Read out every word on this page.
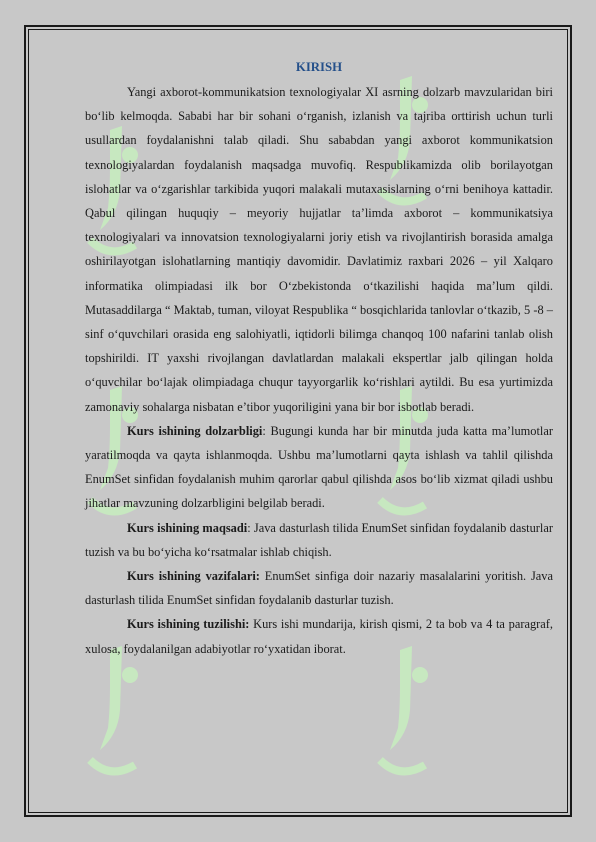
KIRISH

Yangi axborot-kommunikatsion texnologiyalar XI asrning dolzarb mavzularidan biri bo‘lib kelmoqda. Sababi har bir sohani o‘rganish, izlanish va tajriba orttirish uchun turli usullardan foydalanishni talab qiladi. Shu sababdan yangi axborot kommunikatsion texnologiyalardan foydalanish maqsadga muvofiq. Respublikamizda olib borilayotgan islohatlar va o‘zgarishlar tarkibida yuqori malakali mutaxasislarning o‘rni benihoya kattadir. Qabul qilingan huquqiy – meyoriy hujjatlar ta’limda axborot – kommunikatsiya texnologiyalari va innovatsion texnologiyalarni joriy etish va rivojlantirish borasida amalga oshirilayotgan islohatlarning mantiqiy davomidir. Davlatimiz raxbari 2026 – yil Xalqaro informatika olimpiadasi ilk bor O‘zbekistonda o‘tkazilishi haqida ma’lum qildi. Mutasaddilarga “ Maktab, tuman, viloyat Respublika “ bosqichlarida tanlovlar o‘tkazib, 5 -8 – sinf o‘quvchilari orasida eng salohiyatli, iqtidorli bilimga chanqoq 100 nafarini tanlab olish topshirildi. IT yaxshi rivojlangan davlatlardan malakali ekspertlar jalb qilingan holda o‘quvchilar bo‘lajak olimpiadaga chuqur tayyorgarlik ko‘rishlari aytildi. Bu esa yurtimizda zamonaviy sohalarga nisbatan e’tibor yuqoriligini yana bir bor isbotlab beradi.

Kurs ishining dolzarbligi: Bugungi kunda har bir minutda juda katta ma’lumotlar yaratilmoqda va qayta ishlanmoqda. Ushbu ma’lumotlarni qayta ishlash va tahlil qilishda EnumSet sinfidan foydalanish muhim qarorlar qabul qilishda asos bo‘lib xizmat qiladi ushbu jihatlar mavzuning dolzarbligini belgilab beradi.

Kurs ishining maqsadi: Java dasturlash tilida EnumSet sinfidan foydalanib dasturlar tuzish va bu bo‘yicha ko‘rsatmalar ishlab chiqish.

Kurs ishining vazifalari: EnumSet sinfiga doir nazariy masalalarini yoritish. Java dasturlash tilida EnumSet sinfidan foydalanib dasturlar tuzish.

Kurs ishining tuzilishi: Kurs ishi mundarija, kirish qismi, 2 ta bob va 4 ta paragraf, xulosa, foydalanilgan adabiyotlar ro‘yxatidan iborat.
